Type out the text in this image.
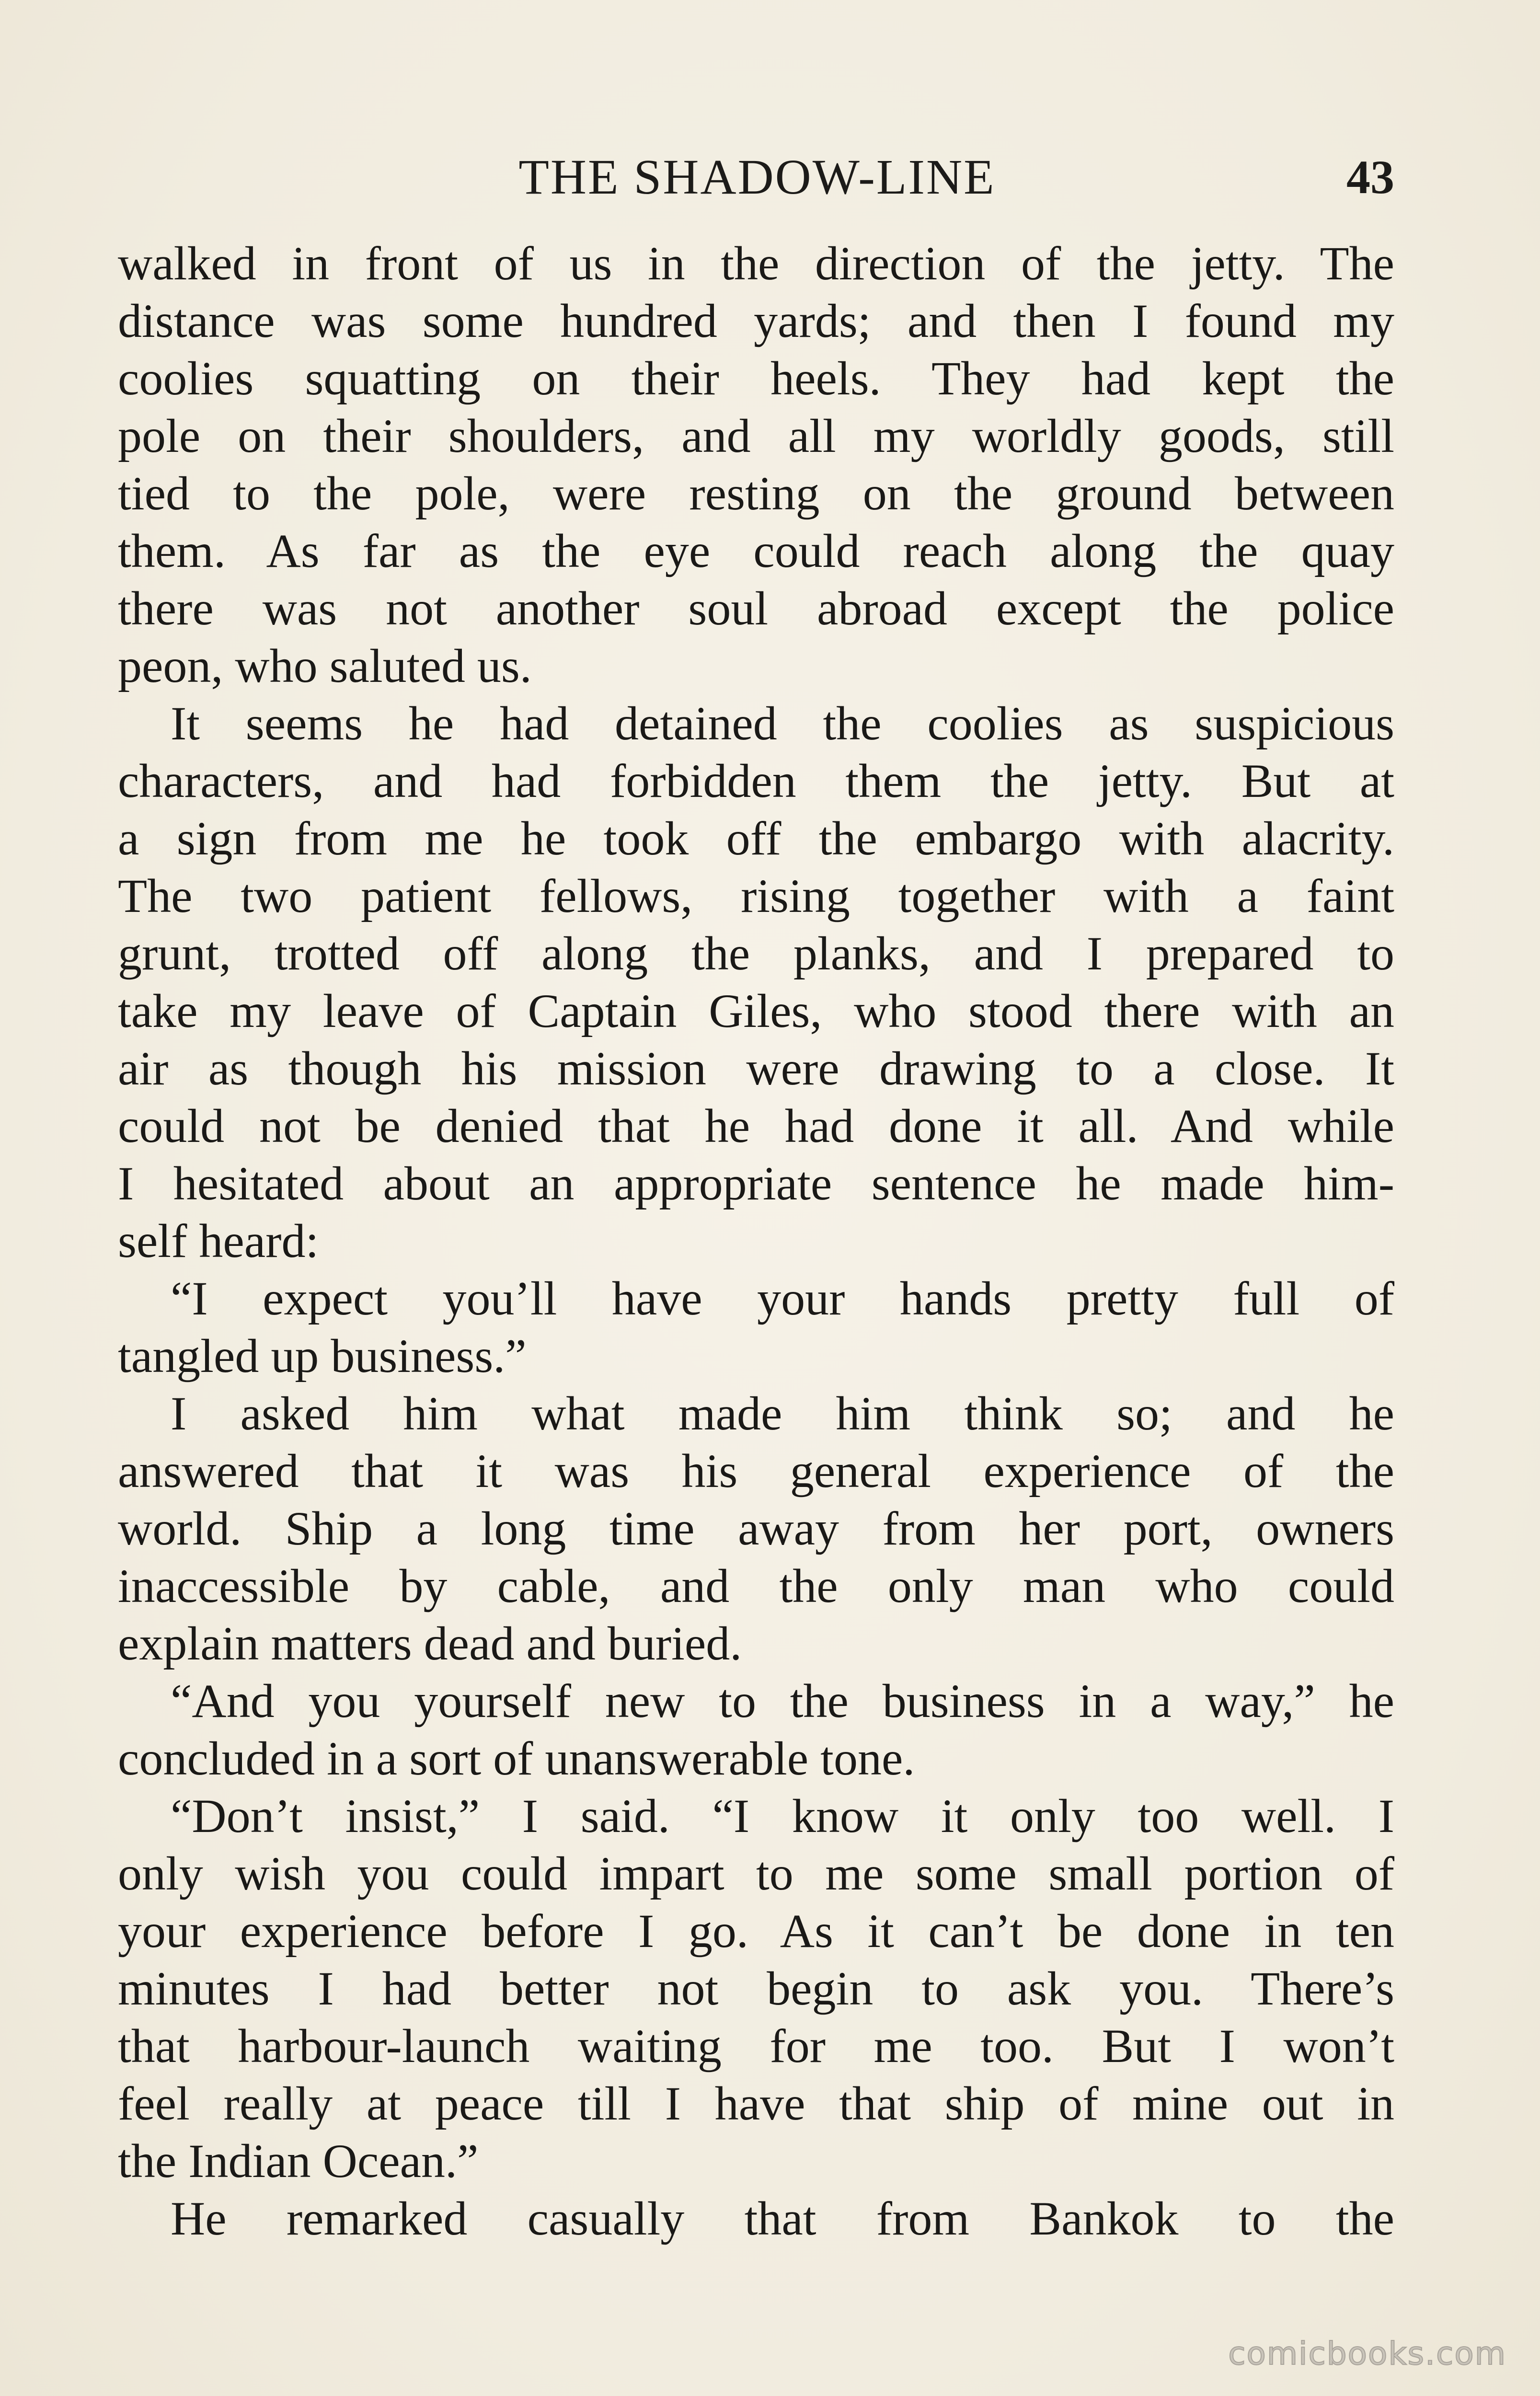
THE SHADOW-LINE	43
walked in front of us in the direction of the jetty. The
distance was some hundred yards; and then I found my
coolies squatting on their heels. They had kept the
pole on their shoulders, and all my worldly goods, still
tied to the pole, were resting on the ground between
them. As far as the eye could reach along the quay
there was not another soul abroad except the police
peon, who saluted us.
It seems he had detained the coolies as suspicious
characters, and had forbidden them the jetty. But at
a sign from me he took off the embargo with alacrity.
The two patient fellows, rising together with a faint
grunt, trotted off along the planks, and I prepared to
take my leave of Captain Giles, who stood there with an
air as though his mission were drawing to a close. It
could not be denied that he had done it all. And while
I hesitated about an appropriate sentence he made him-
self heard:
“I expect you’ll have your hands pretty full of
tangled up business.”
I asked him what made him think so; and he
answered that it was his general experience of the
world. Ship a long time away from her port, owners
inaccessible by cable, and the only man who could
explain matters dead and buried.
“And you yourself new to the business in a way,” he
concluded in a sort of unanswerable tone.
“Don’t insist,” I said. “I know it only too well. I
only wish you could impart to me some small portion of
your experience before I go. As it can’t be done in ten
minutes I had better not begin to ask you. There’s
that harbour-launch waiting for me too. But I won’t
feel really at peace till I have that ship of mine out in
the Indian Ocean.”
He remarked casually that from Bankok to the
comicbooks.com
